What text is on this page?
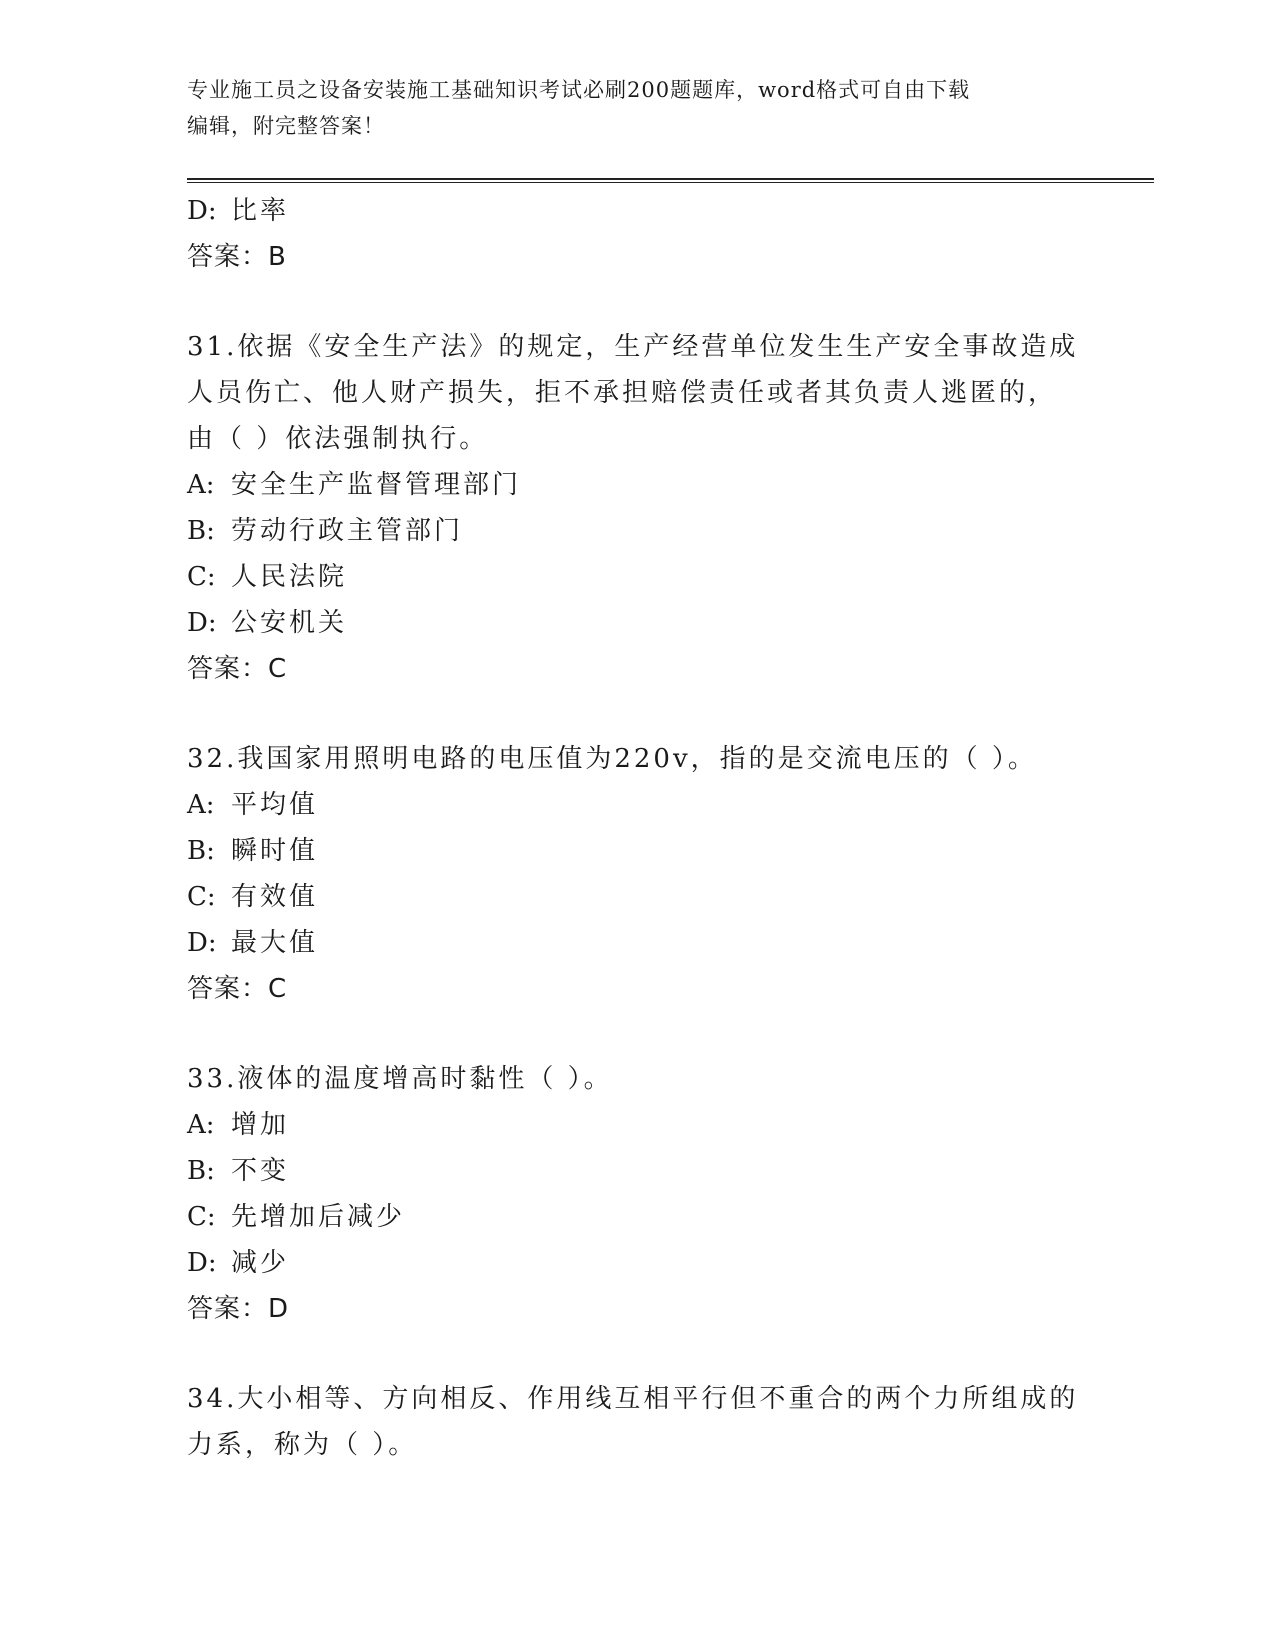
专业施工员之设备安装施工基础知识考试必刷200题题库，word格式可自由下载
编辑，附完整答案！
D: 比率
答案：B
31.依据《安全生产法》的规定，生产经营单位发生生产安全事故造成
人员伤亡、他人财产损失，拒不承担赔偿责任或者其负责人逃匿的，
由（ ）依法强制执行。
A: 安全生产监督管理部门
B: 劳动行政主管部门
C: 人民法院
D: 公安机关
答案：C
32.我国家用照明电路的电压值为220v，指的是交流电压的（ ）。
A: 平均值
B: 瞬时值
C: 有效值
D: 最大值
答案：C
33.液体的温度增高时黏性（ ）。
A: 增加
B: 不变
C: 先增加后减少
D: 减少
答案：D
34.大小相等、方向相反、作用线互相平行但不重合的两个力所组成的
力系，称为（ ）。
